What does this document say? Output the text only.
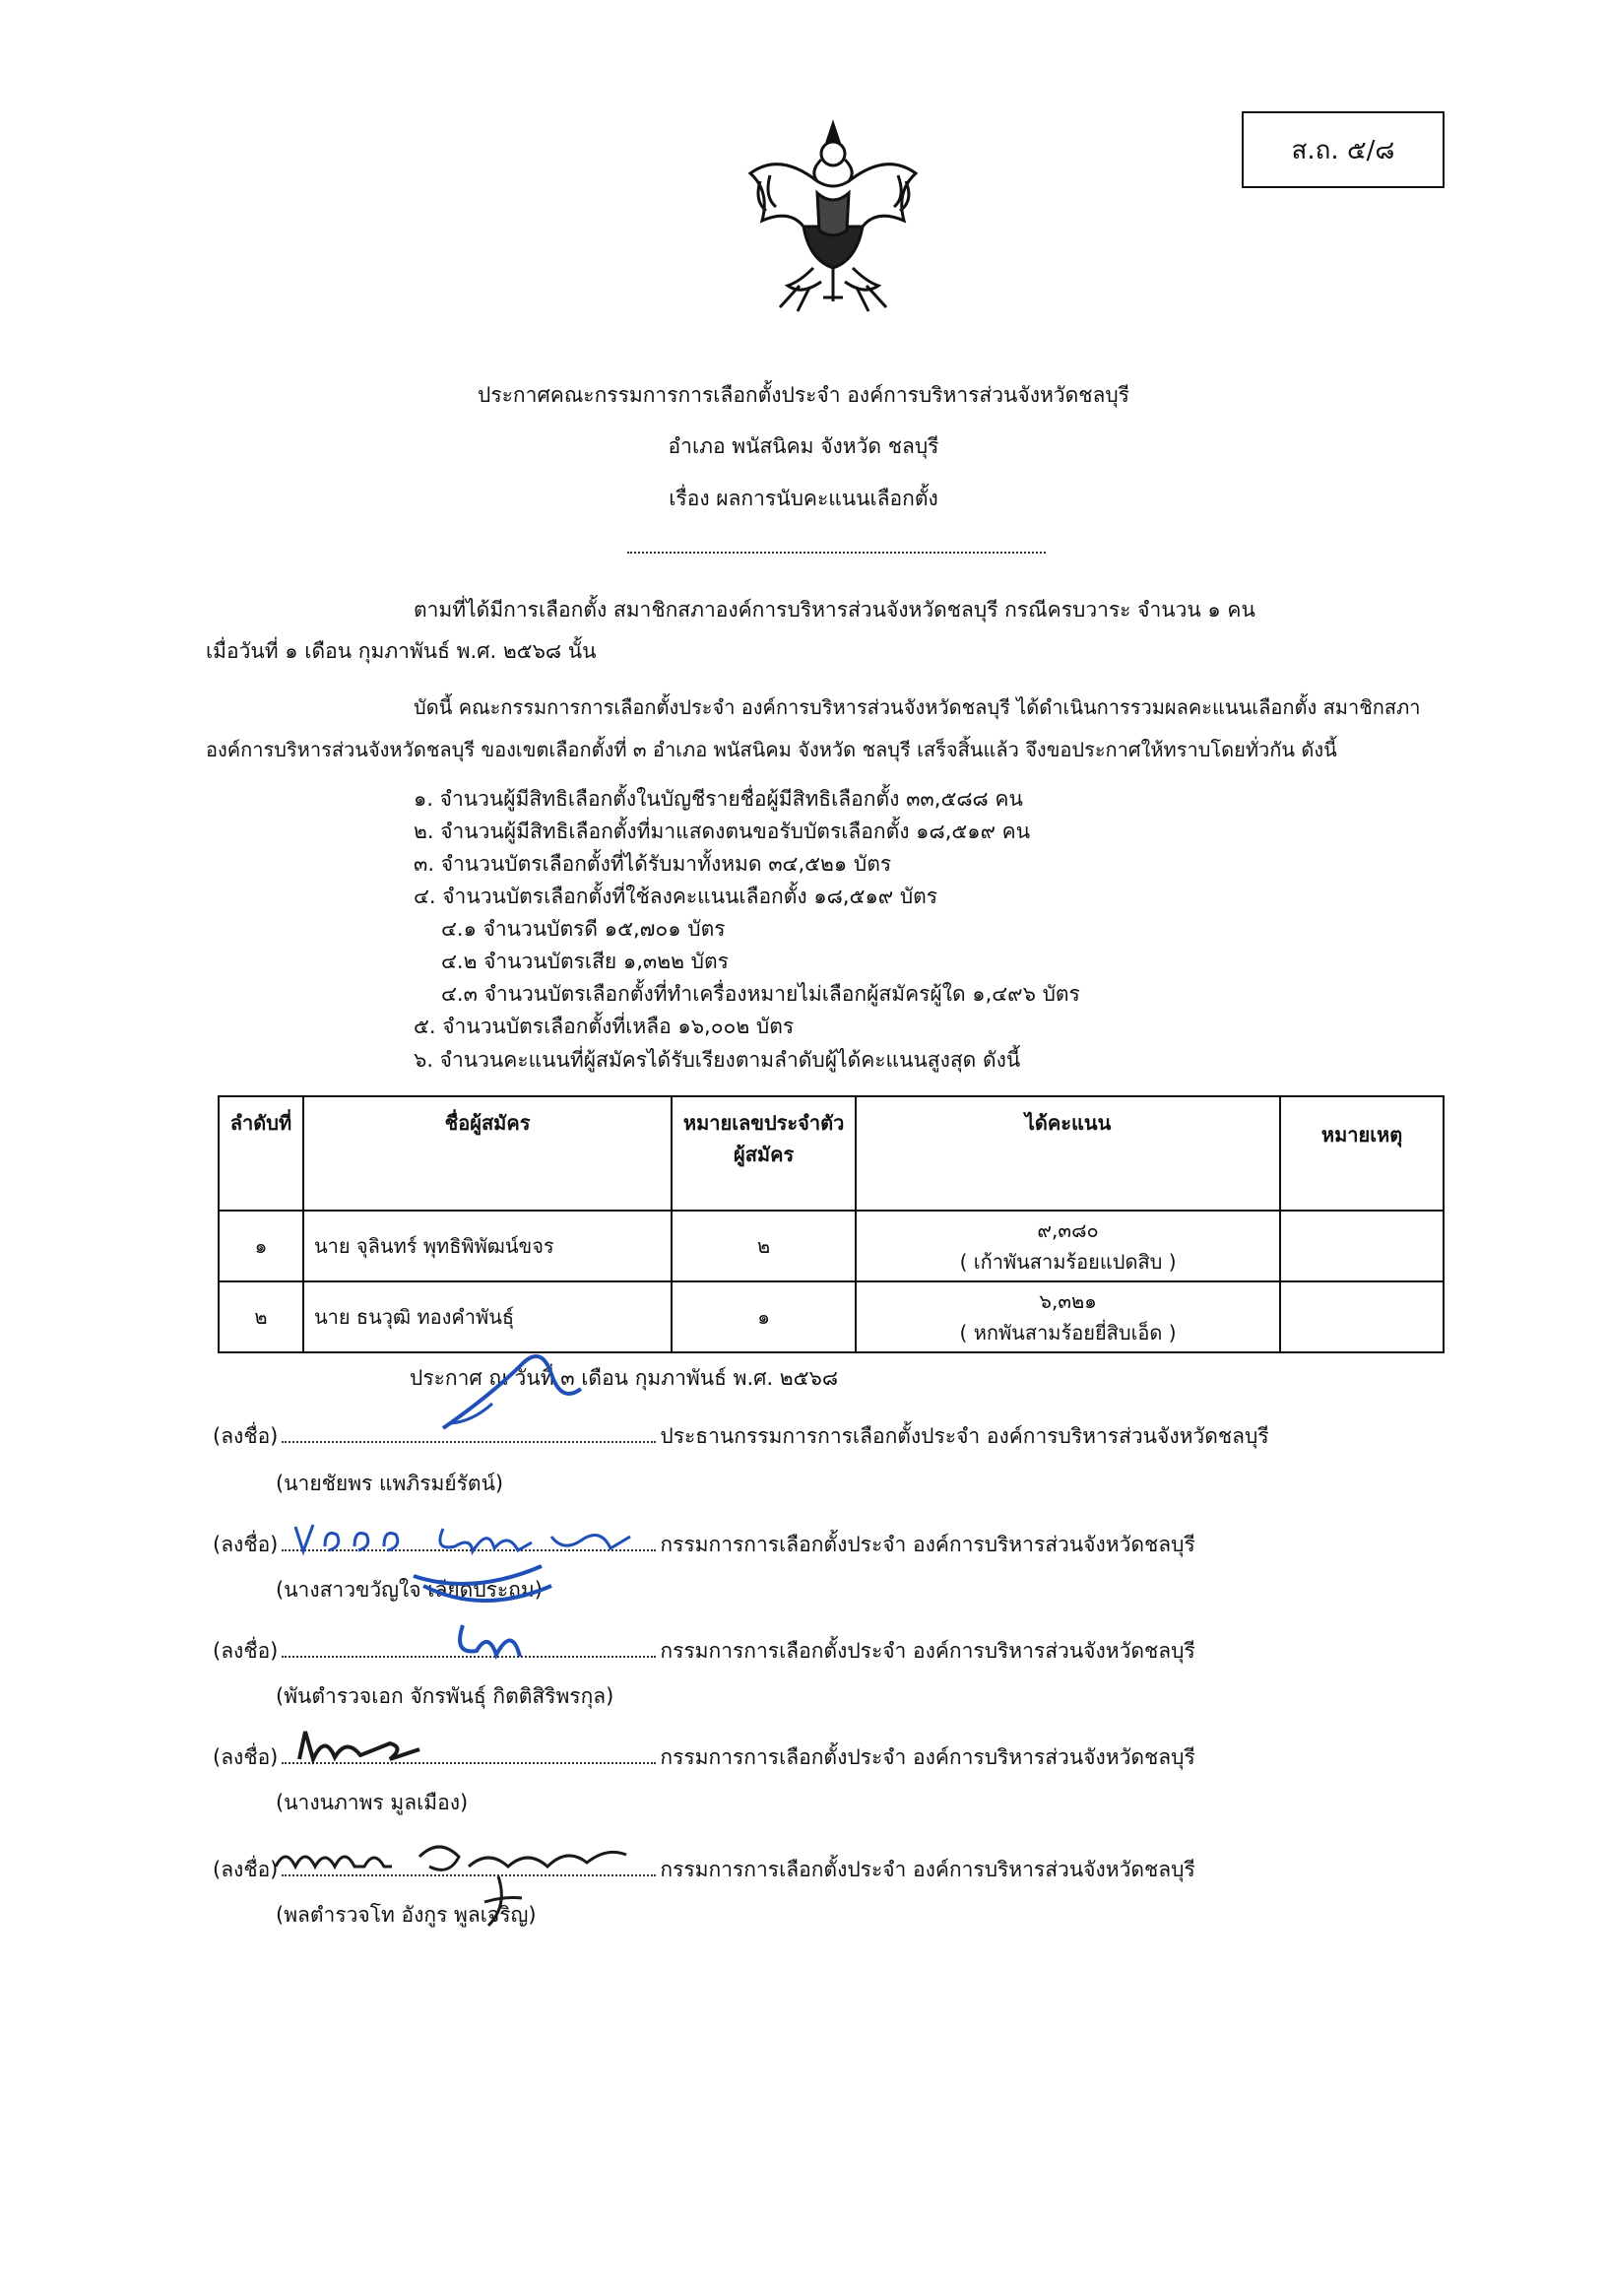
ส.ถ. ๕/๘
ประกาศคณะกรรมการการเลือกตั้งประจำ องค์การบริหารส่วนจังหวัดชลบุรี
อำเภอ พนัสนิคม จังหวัด ชลบุรี
เรื่อง ผลการนับคะแนนเลือกตั้ง
ตามที่ได้มีการเลือกตั้ง สมาชิกสภาองค์การบริหารส่วนจังหวัดชลบุรี กรณีครบวาระ จำนวน ๑ คน
เมื่อวันที่ ๑ เดือน กุมภาพันธ์ พ.ศ. ๒๕๖๘ นั้น
บัดนี้ คณะกรรมการการเลือกตั้งประจำ องค์การบริหารส่วนจังหวัดชลบุรี ได้ดำเนินการรวมผลคะแนนเลือกตั้ง สมาชิกสภา
องค์การบริหารส่วนจังหวัดชลบุรี ของเขตเลือกตั้งที่ ๓ อำเภอ พนัสนิคม จังหวัด ชลบุรี เสร็จสิ้นแล้ว จึงขอประกาศให้ทราบโดยทั่วกัน ดังนี้
๑. จำนวนผู้มีสิทธิเลือกตั้งในบัญชีรายชื่อผู้มีสิทธิเลือกตั้ง ๓๓,๕๘๘ คน
๒. จำนวนผู้มีสิทธิเลือกตั้งที่มาแสดงตนขอรับบัตรเลือกตั้ง ๑๘,๕๑๙ คน
๓. จำนวนบัตรเลือกตั้งที่ได้รับมาทั้งหมด ๓๔,๕๒๑ บัตร
๔. จำนวนบัตรเลือกตั้งที่ใช้ลงคะแนนเลือกตั้ง ๑๘,๕๑๙ บัตร
๔.๑ จำนวนบัตรดี ๑๕,๗๐๑ บัตร
๔.๒ จำนวนบัตรเสีย ๑,๓๒๒ บัตร
๔.๓ จำนวนบัตรเลือกตั้งที่ทำเครื่องหมายไม่เลือกผู้สมัครผู้ใด ๑,๔๙๖ บัตร
๕. จำนวนบัตรเลือกตั้งที่เหลือ ๑๖,๐๐๒ บัตร
๖. จำนวนคะแนนที่ผู้สมัครได้รับเรียงตามลำดับผู้ได้คะแนนสูงสุด ดังนี้
ลำดับที่	ชื่อผู้สมัคร	หมายเลขประจำตัว
ผู้สมัคร	ได้คะแนน	หมายเหตุ
๑	นาย จุลินทร์ พุทธิพิพัฒน์ขจร	๒	๙,๓๘๐
( เก้าพันสามร้อยแปดสิบ )	

๒	นาย ธนวุฒิ ทองคำพันธุ์	๑	๖,๓๒๑
( หกพันสามร้อยยี่สิบเอ็ด )	

ประกาศ ณ วันที่ ๓ เดือน กุมภาพันธ์ พ.ศ. ๒๕๖๘
(ลงชื่อ)	ประธานกรรมการการเลือกตั้งประจำ องค์การบริหารส่วนจังหวัดชลบุรี
(นายชัยพร แพภิรมย์รัตน์)
(ลงชื่อ)	กรรมการการเลือกตั้งประจำ องค์การบริหารส่วนจังหวัดชลบุรี
(นางสาวขวัญใจ เลียดประถม)
(ลงชื่อ)	กรรมการการเลือกตั้งประจำ องค์การบริหารส่วนจังหวัดชลบุรี
(พันตำรวจเอก จักรพันธุ์ กิตติสิริพรกุล)
(ลงชื่อ)	กรรมการการเลือกตั้งประจำ องค์การบริหารส่วนจังหวัดชลบุรี
(นางนภาพร มูลเมือง)
(ลงชื่อ)	กรรมการการเลือกตั้งประจำ องค์การบริหารส่วนจังหวัดชลบุรี
(พลตำรวจโท อังกูร พูลเจริญ)
